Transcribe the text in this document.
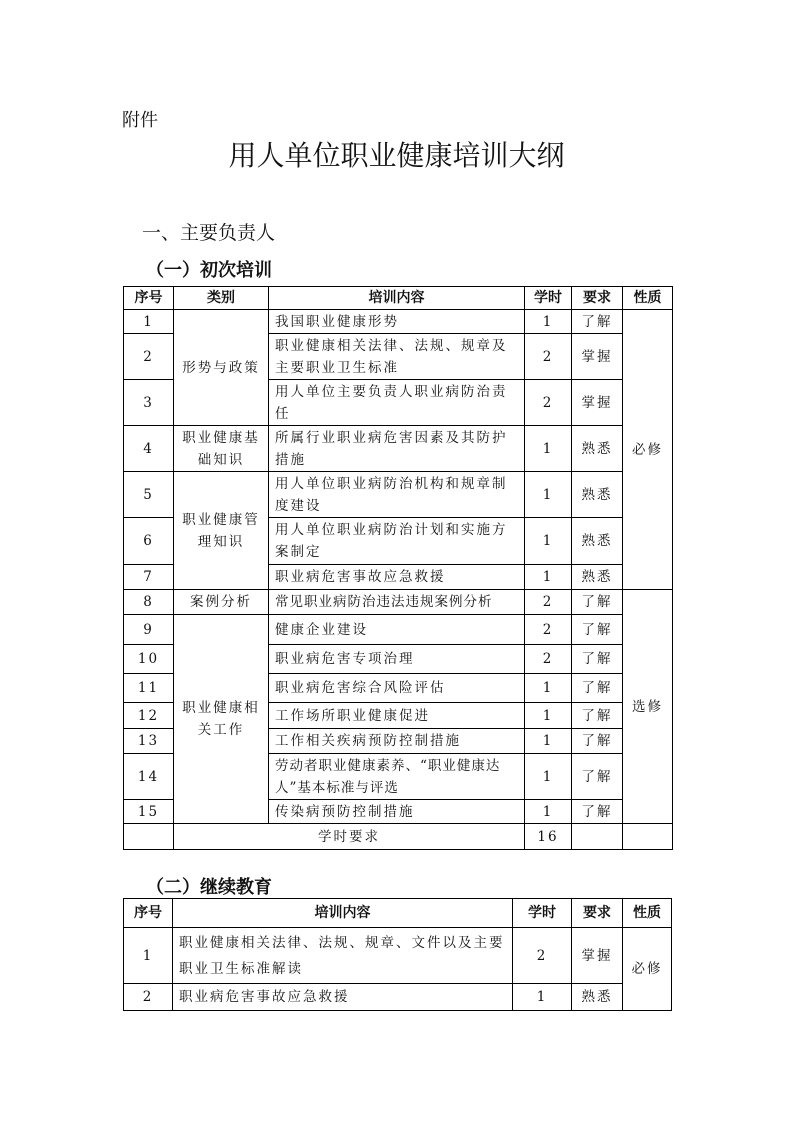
附件

用人单位职业健康培训大纲
一、主要负责人
（一）初次培训
序号	类别	培训内容	学时	要求	性质
1	形势与政策	我国职业健康形势	1	了解	必修
2		职业健康相关法律、法规、规章及主要职业卫生标准	2	掌握	
3		用人单位主要负责人职业病防治责任	2	掌握	
4	职业健康基础知识	所属行业职业病危害因素及其防护措施	1	熟悉	
5	职业健康管理知识	用人单位职业病防治机构和规章制度建设	1	熟悉	
6		用人单位职业病防治计划和实施方案制定	1	熟悉	
7		职业病危害事故应急救援	1	熟悉	
8	案例分析	常见职业病防治违法违规案例分析	2	了解	选修
9	职业健康相关工作	健康企业建设	2	了解	
10		职业病危害专项治理	2	了解	
11		职业病危害综合风险评估	1	了解	
12		工作场所职业健康促进	1	了解	
13		工作相关疾病预防控制措施	1	了解	
14		劳动者职业健康素养、“职业健康达人”基本标准与评选	1	了解	
15		传染病预防控制措施	1	了解	
	学时要求		16		
（二）继续教育
序号	培训内容	学时	要求	性质
1	职业健康相关法律、法规、规章、文件以及主要职业卫生标准解读	2	掌握	必修
2	职业病危害事故应急救援	1	熟悉	
